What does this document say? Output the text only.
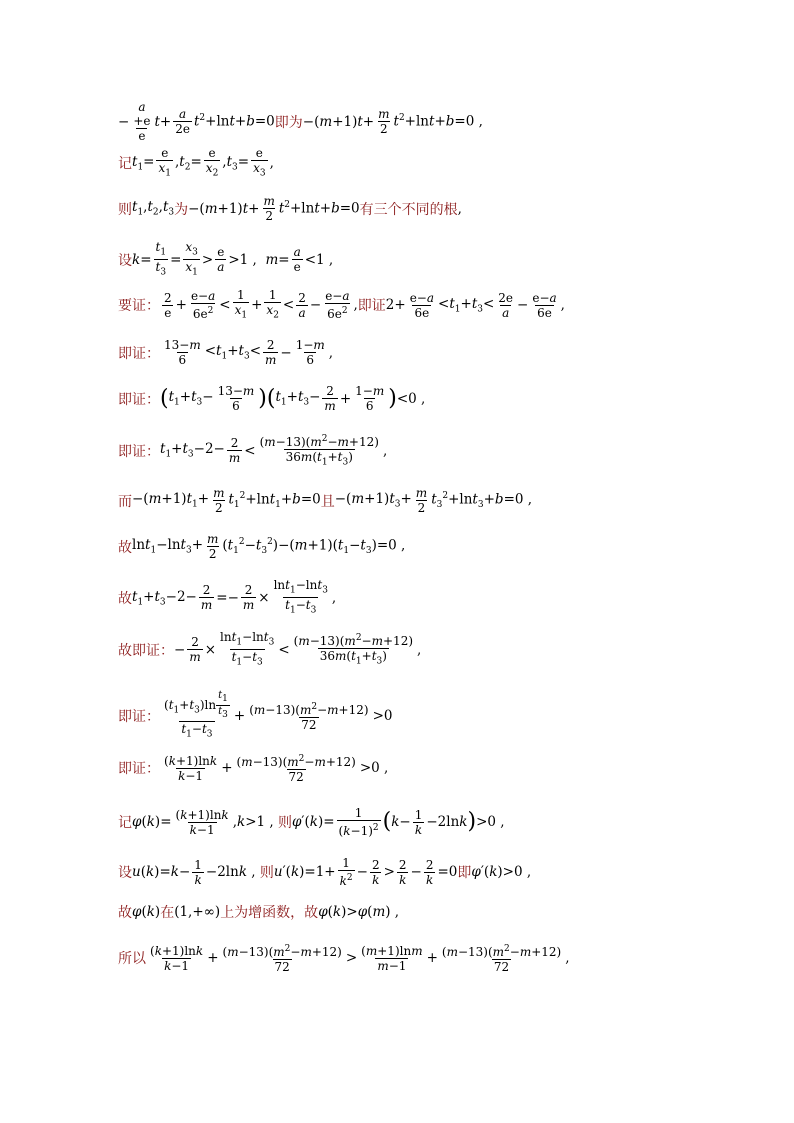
−
a
+e
e
$t+ \frac{a}{2e} t^2+\ln t+b=0$ 即为 $-(m+1)t+ \frac{m}{2} t^2+\ln t+b=0$ ,
记 $t_1= \frac{e}{x_1} ,t_2= \frac{e}{x_2} ,t_3= \frac{e}{x_3}$ ,
则 $t_1,t_2,t_3$ 为 $-(m+1)t+ \frac{m}{2} t^2+\ln t+b=0$ 有三个不同的根 ,
设 $k= \frac{t_1}{t_3} = \frac{x_3}{x_1} > \frac{e}{a} >1$ ,  $m= \frac{a}{e} <1$ ,
要证： $\frac{2}{e} + \frac{e-a}{6e^2} < \frac{1}{x_1} + \frac{1}{x_2} < \frac{2}{a} - \frac{e-a}{6e^2}$ , 即证 $2+ \frac{e-a}{6e} <t_1+t_3< \frac{2e}{a} - \frac{e-a}{6e}$ ,
即证： $\frac{13-m}{6} <t_1+t_3< \frac{2}{m} - \frac{1-m}{6}$ ,
即证： ( $t_1+t_3- \frac{13-m}{6}$ )( $t_1+t_3- \frac{2}{m} + \frac{1-m}{6}$ ) <0 ,
即证： $t_1+t_3-2- \frac{2}{m} < \frac{(m-13)(m^2-m+12)}{36m(t_1+t_3)}$ ,
而 $-(m+1)t_1+ \frac{m}{2} t_1^2+\ln t_1+b=0$ 且 $-(m+1)t_3+ \frac{m}{2} t_3^2+\ln t_3+b=0$ ,
故 $\ln t_1-\ln t_3+ \frac{m}{2} (t_1^2-t_3^2)-(m+1)(t_1-t_3)=0$ ,
故 $t_1+t_3-2- \frac{2}{m} =- \frac{2}{m} \times \frac{\ln t_1-\ln t_3}{t_1-t_3}$ ,
故即证： − $\frac{2}{m} \times \frac{\ln t_1-\ln t_3}{t_1-t_3} < \frac{(m-13)(m^2-m+12)}{36m(t_1+t_3)}$ ,
即证： $\frac{(t_1+t_3)\ln \frac{t_1}{t_3}}{t_1-t_3} + \frac{(m-13)(m^2-m+12)}{72} >0$
即证： $\frac{(k+1)\ln k}{k-1} + \frac{(m-13)(m^2-m+12)}{72} >0$ ,
记 $\varphi(k)= \frac{(k+1)\ln k}{k-1} ,k>1$ , 则 $\varphi'(k)= \frac{1}{(k-1)^2}$ ( $k- \frac{1}{k} -2\ln k$ ) >0 ,
设 $u(k)=k- \frac{1}{k} -2\ln k$ , 则 $u'(k)=1+ \frac{1}{k^2} - \frac{2}{k} > \frac{2}{k} - \frac{2}{k} =0$ 即 φ′(k)>0 ,
故 φ(k) 在 (1,+∞) 上为增函数，故 φ(k)>φ(m) ,
所以 $\frac{(k+1)\ln k}{k-1} + \frac{(m-13)(m^2-m+12)}{72} > \frac{(m+1)\ln m}{m-1} + \frac{(m-13)(m^2-m+12)}{72}$ ,
